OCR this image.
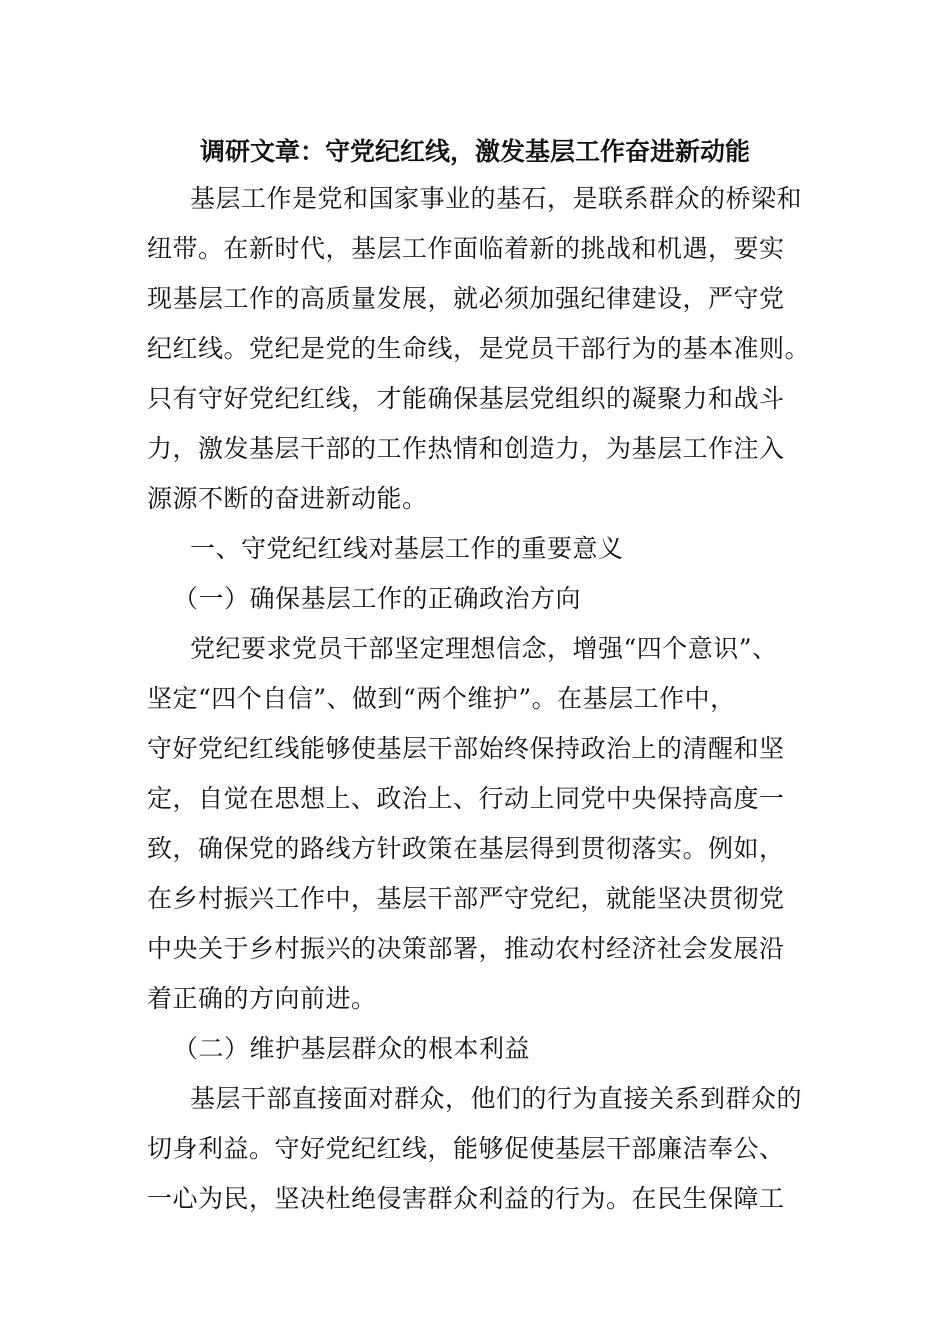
调研文章：守党纪红线，激发基层工作奋进新动能
基层工作是党和国家事业的基石，是联系群众的桥梁和
纽带。在新时代，基层工作面临着新的挑战和机遇，要实
现基层工作的高质量发展，就必须加强纪律建设，严守党
纪红线。党纪是党的生命线，是党员干部行为的基本准则。
只有守好党纪红线，才能确保基层党组织的凝聚力和战斗
力，激发基层干部的工作热情和创造力，为基层工作注入
源源不断的奋进新动能。
一、守党纪红线对基层工作的重要意义
（一）确保基层工作的正确政治方向
党纪要求党员干部坚定理想信念，增强“四个意识”、
坚定“四个自信”、做到“两个维护”。在基层工作中，
守好党纪红线能够使基层干部始终保持政治上的清醒和坚
定，自觉在思想上、政治上、行动上同党中央保持高度一
致，确保党的路线方针政策在基层得到贯彻落实。例如，
在乡村振兴工作中，基层干部严守党纪，就能坚决贯彻党
中央关于乡村振兴的决策部署，推动农村经济社会发展沿
着正确的方向前进。
（二）维护基层群众的根本利益
基层干部直接面对群众，他们的行为直接关系到群众的
切身利益。守好党纪红线，能够促使基层干部廉洁奉公、
一心为民，坚决杜绝侵害群众利益的行为。在民生保障工
